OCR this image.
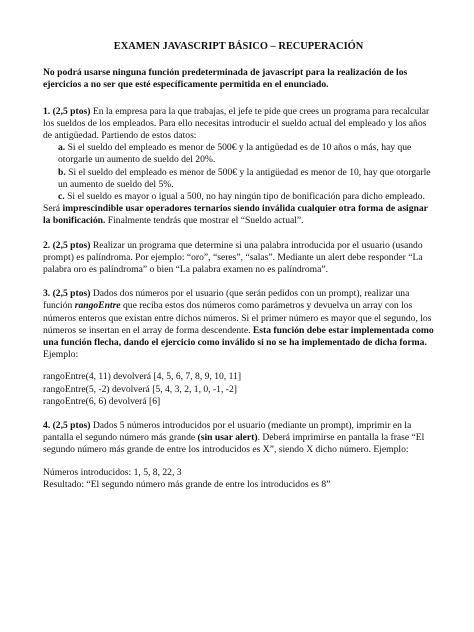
EXAMEN JAVASCRIPT BÁSICO – RECUPERACIÓN
No podrá usarse ninguna función predeterminada de javascript para la realización de los ejercicios a no ser que esté específicamente permitida en el enunciado.
1. (2,5 ptos) En la empresa para la que trabajas, el jefe te pide que crees un programa para recalcular los sueldos de los empleados. Para ello necesitas introducir el sueldo actual del empleado y los años de antigüedad. Partiendo de estos datos:
a. Si el sueldo del empleado es menor de 500€ y la antigüedad es de 10 años o más, hay que otorgarle un aumento de sueldo del 20%.
b. Si el sueldo del empleado es menor de 500€ y la antigüedad es menor de 10, hay que otorgarle un aumento de sueldo del 5%.
c. Si el sueldo es mayor o igual a 500, no hay ningún tipo de bonificación para dicho empleado.
Será imprescindible usar operadores ternarios siendo inválida cualquier otra forma de asignar la bonificación. Finalmente tendrás que mostrar el “Sueldo actual”.
2. (2,5 ptos) Realizar un programa que determine si una palabra introducida por el usuario (usando prompt) es palíndroma. Por ejemplo: “oro”, “seres”, “salas”. Mediante un alert debe responder “La palabra oro es palíndroma” o bien “La palabra examen no es palíndroma”.
3. (2,5 ptos) Dados dos números por el usuario (que serán pedidos con un prompt), realizar una función rangoEntre que reciba estos dos números como parámetros y devuelva un array con los números enteros que existan entre dichos números. Si el primer número es mayor que el segundo, los números se insertan en el array de forma descendente. Esta función debe estar implementada como una función flecha, dando el ejercicio como inválido si no se ha implementado de dicha forma. Ejemplo:
rangoEntre(4, 11) devolverá [4, 5, 6, 7, 8, 9, 10, 11]
rangoEntre(5, -2) devolverá [5, 4, 3, 2, 1, 0, -1, -2]
rangoEntre(6, 6) devolverá [6]
4. (2,5 ptos) Dados 5 números introducidos por el usuario (mediante un prompt), imprimir en la pantalla el segundo número más grande (sin usar alert). Deberá imprimirse en pantalla la frase “El segundo número más grande de entre los introducidos es X”, siendo X dicho número. Ejemplo:
Números introducidos: 1, 5, 8, 22, 3
Resultado: “El segundo número más grande de entre los introducidos es 8”
